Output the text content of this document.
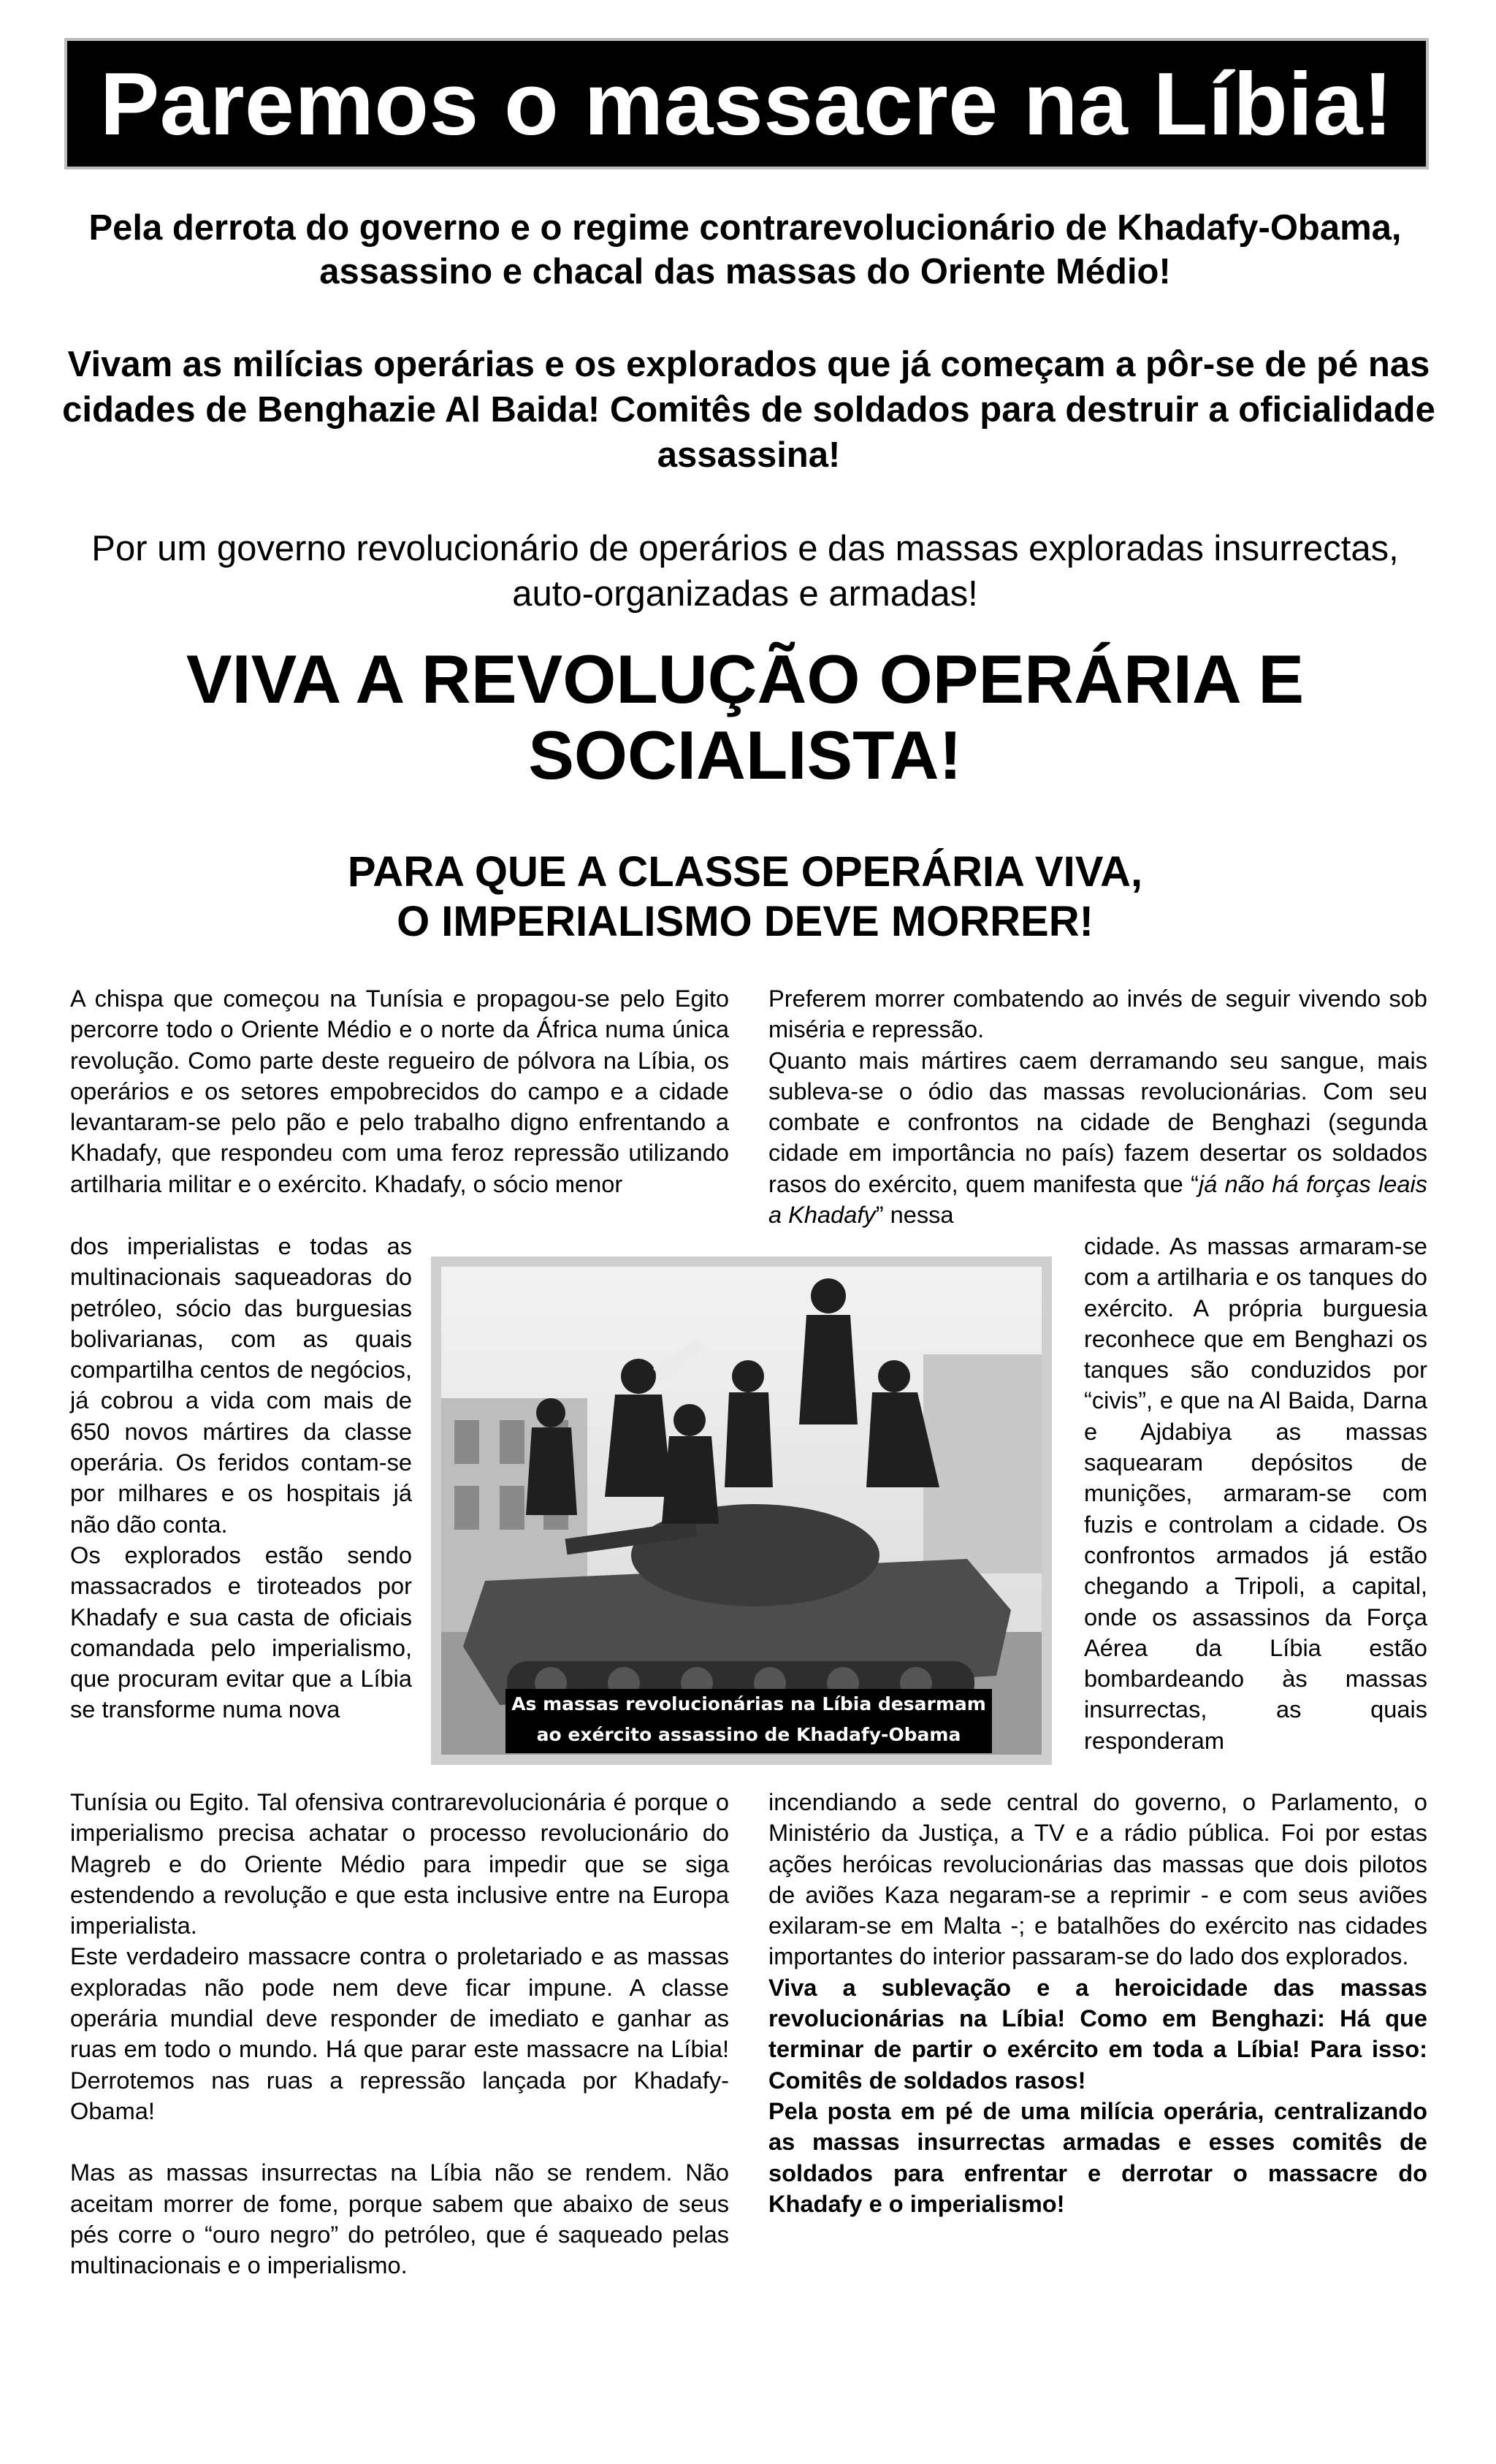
Paremos o massacre na Líbia!

Pela derrota do governo e o regime contrarevolucionário de Khadafy-Obama, assassino e chacal das massas do Oriente Médio!

Vivam as milícias operárias e os explorados que já começam a pôr-se de pé nas cidades de Benghazie Al Baida! Comitês de soldados para destruir a oficialidade assassina!

Por um governo revolucionário de operários e das massas exploradas insurrectas, auto-organizadas e armadas!

VIVA A REVOLUÇÃO OPERÁRIA E SOCIALISTA!

PARA QUE A CLASSE OPERÁRIA VIVA,
O IMPERIALISMO DEVE MORRER!

A chispa que começou na Tunísia e propagou-se pelo Egito percorre todo o Oriente Médio e o norte da África numa única revolução. Como parte deste regueiro de pólvora na Líbia, os operários e os setores empobrecidos do campo e a cidade levantaram-se pelo pão e pelo trabalho digno enfrentando a Khadafy, que respondeu com uma feroz repressão utilizando artilharia militar e o exército. Khadafy, o sócio menor

dos imperialistas e todas as multinacionais saqueadoras do petróleo, sócio das burguesias bolivarianas, com as quais compartilha centos de negócios, já cobrou a vida com mais de 650 novos mártires da classe operária. Os feridos contam-se por milhares e os hospitais já não dão conta.

Os explorados estão sendo massacrados e tiroteados por Khadafy e sua casta de oficiais comandada pelo imperialismo, que procuram evitar que a Líbia se transforme numa nova

Tunísia ou Egito. Tal ofensiva contrarevolucionária é porque o imperialismo precisa achatar o processo revolucionário do Magreb e do Oriente Médio para impedir que se siga estendendo a revolução e que esta inclusive entre na Europa imperialista.

Este verdadeiro massacre contra o proletariado e as massas exploradas não pode nem deve ficar impune. A classe operária mundial deve responder de imediato e ganhar as ruas em todo o mundo. Há que parar este massacre na Líbia! Derrotemos nas ruas a repressão lançada por Khadafy-Obama!

Mas as massas insurrectas na Líbia não se rendem. Não aceitam morrer de fome, porque sabem que abaixo de seus pés corre o “ouro negro” do petróleo, que é saqueado pelas multinacionais e o imperialismo.

Preferem morrer combatendo ao invés de seguir vivendo sob miséria e repressão.

Quanto mais mártires caem derramando seu sangue, mais subleva-se o ódio das massas revolucionárias. Com seu combate e confrontos na cidade de Benghazi (segunda cidade em importância no país) fazem desertar os soldados rasos do exército, quem manifesta que “já não há forças leais a Khadafy” nessa

cidade. As massas armaram-se com a artilharia e os tanques do exército. A própria burguesia reconhece que em Benghazi os tanques são conduzidos por “civis”, e que na Al Baida, Darna e Ajdabiya as massas saquearam depósitos de munições, armaram-se com fuzis e controlam a cidade. Os confrontos armados já estão chegando a Tripoli, a capital, onde os assassinos da Força Aérea da Líbia estão bombardeando às massas insurrectas, as quais responderam

incendiando a sede central do governo, o Parlamento, o Ministério da Justiça, a TV e a rádio pública. Foi por estas ações heróicas revolucionárias das massas que dois pilotos de aviões Kaza negaram-se a reprimir - e com seus aviões exilaram-se em Malta -; e batalhões do exército nas cidades importantes do interior passaram-se do lado dos explorados.

Viva a sublevação e a heroicidade das massas revolucionárias na Líbia! Como em Benghazi: Há que terminar de partir o exército em toda a Líbia! Para isso: Comitês de soldados rasos!

Pela posta em pé de uma milícia operária, centralizando as massas insurrectas armadas e esses comitês de soldados para enfrentar e derrotar o massacre do Khadafy e o imperialismo!

As massas revolucionárias na Líbia desarmam
ao exército assassino de Khadafy-Obama
